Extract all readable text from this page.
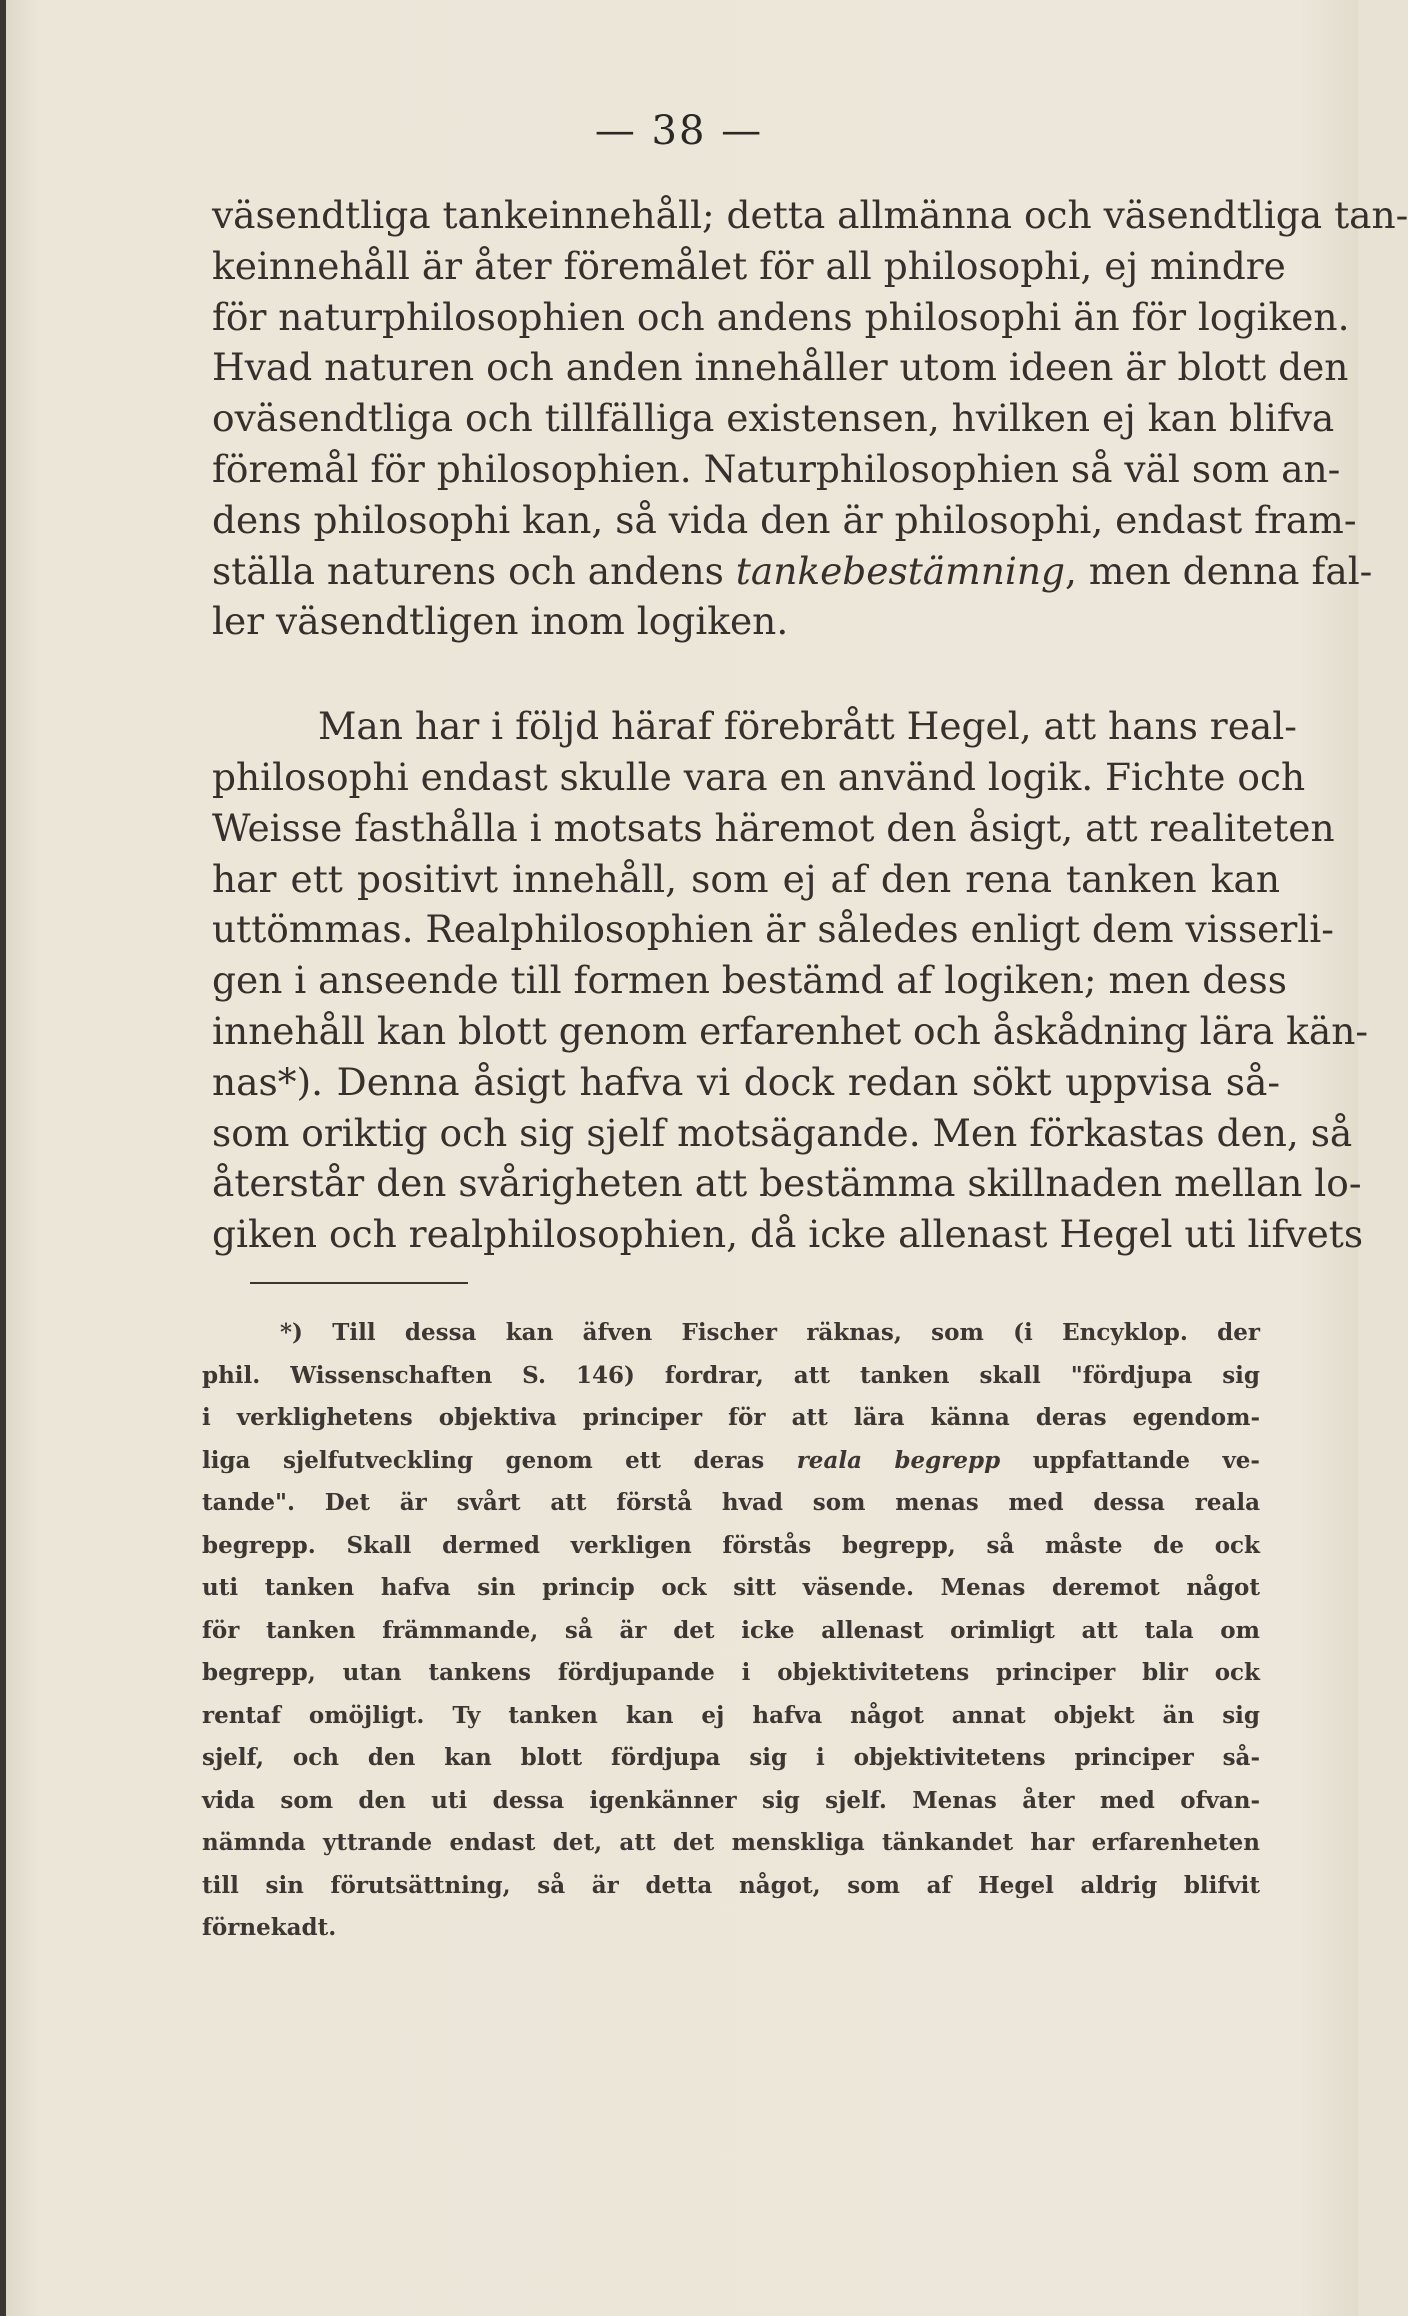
— 38 —
väsendtliga tankeinnehåll; detta allmänna och väsendtliga tan-
keinnehåll är åter föremålet för all philosophi, ej mindre
för naturphilosophien och andens philosophi än för logiken.
Hvad naturen och anden innehåller utom ideen är blott den
oväsendtliga och tillfälliga existensen, hvilken ej kan blifva
föremål för philosophien. Naturphilosophien så väl som an-
dens philosophi kan, så vida den är philosophi, endast fram-
ställa naturens och andens tankebestämning, men denna fal-
ler väsendtligen inom logiken.
Man har i följd häraf förebrått Hegel, att hans real-
philosophi endast skulle vara en använd logik. Fichte och
Weisse fasthålla i motsats häremot den åsigt, att realiteten
har ett positivt innehåll, som ej af den rena tanken kan
uttömmas. Realphilosophien är således enligt dem visserli-
gen i anseende till formen bestämd af logiken; men dess
innehåll kan blott genom erfarenhet och åskådning lära kän-
nas*). Denna åsigt hafva vi dock redan sökt uppvisa så-
som oriktig och sig sjelf motsägande. Men förkastas den, så
återstår den svårigheten att bestämma skillnaden mellan lo-
giken och realphilosophien, då icke allenast Hegel uti lifvets
*) Till dessa kan äfven Fischer räknas, som (i Encyklop. der
phil. Wissenschaften S. 146) fordrar, att tanken skall "fördjupa sig
i verklighetens objektiva principer för att lära känna deras egendom-
liga sjelfutveckling genom ett deras reala begrepp uppfattande ve-
tande". Det är svårt att förstå hvad som menas med dessa reala
begrepp. Skall dermed verkligen förstås begrepp, så måste de ock
uti tanken hafva sin princip ock sitt väsende. Menas deremot något
för tanken främmande, så är det icke allenast orimligt att tala om
begrepp, utan tankens fördjupande i objektivitetens principer blir ock
rentaf omöjligt. Ty tanken kan ej hafva något annat objekt än sig
sjelf, och den kan blott fördjupa sig i objektivitetens principer så-
vida som den uti dessa igenkänner sig sjelf. Menas åter med ofvan-
nämnda yttrande endast det, att det menskliga tänkandet har erfarenheten
till sin förutsättning, så är detta något, som af Hegel aldrig blifvit
förnekadt.
